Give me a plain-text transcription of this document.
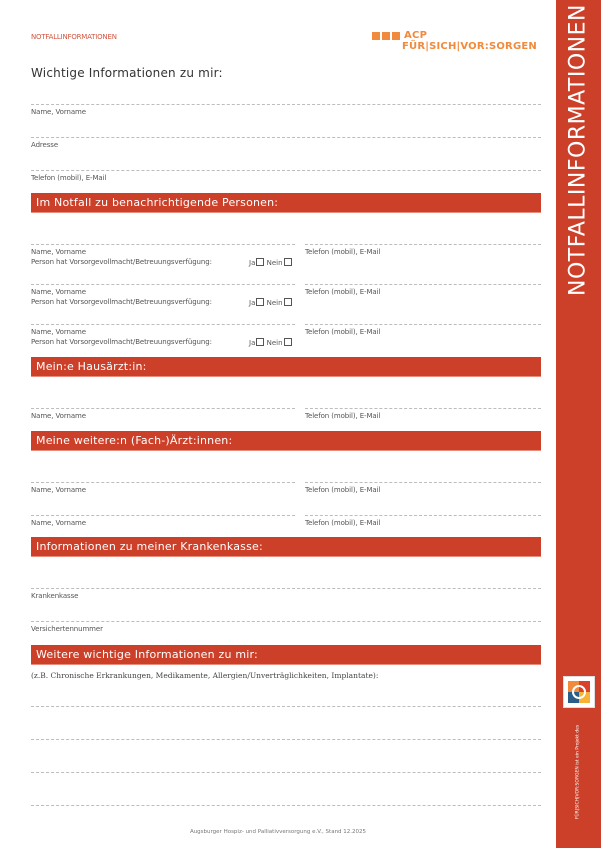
NOTFALLINFORMATIONEN	ACP
FÜR|SICH|VOR:SORGEN NOTFALLINFORMATIONEN
FÜR|SICH|VOR:SORGEN ist ein Projekt des
Wichtige Informationen zu mir:
Name, Vorname
Adresse
Telefon (mobil), E-Mail
Im Notfall zu benachrichtigende Personen:
Name, Vorname	Telefon (mobil), E-Mail
Person hat Vorsorgevollmacht/Betreuungsverfügung:	Ja Nein
Name, Vorname	Telefon (mobil), E-Mail
Person hat Vorsorgevollmacht/Betreuungsverfügung:	Ja Nein
Name, Vorname	Telefon (mobil), E-Mail
Person hat Vorsorgevollmacht/Betreuungsverfügung:	Ja Nein
Mein:e Hausärzt:in:
Name, Vorname	Telefon (mobil), E-Mail
Meine weitere:n (Fach-)Ärzt:innen:
Name, Vorname	Telefon (mobil), E-Mail
Name, Vorname	Telefon (mobil), E-Mail
Informationen zu meiner Krankenkasse:
Krankenkasse
Versichertennummer
Weitere wichtige Informationen zu mir:
(z.B. Chronische Erkrankungen, Medikamente, Allergien/Unverträglichkeiten, Implantate):
Augsburger Hospiz- und Palliativversorgung e.V., Stand 12.2025
